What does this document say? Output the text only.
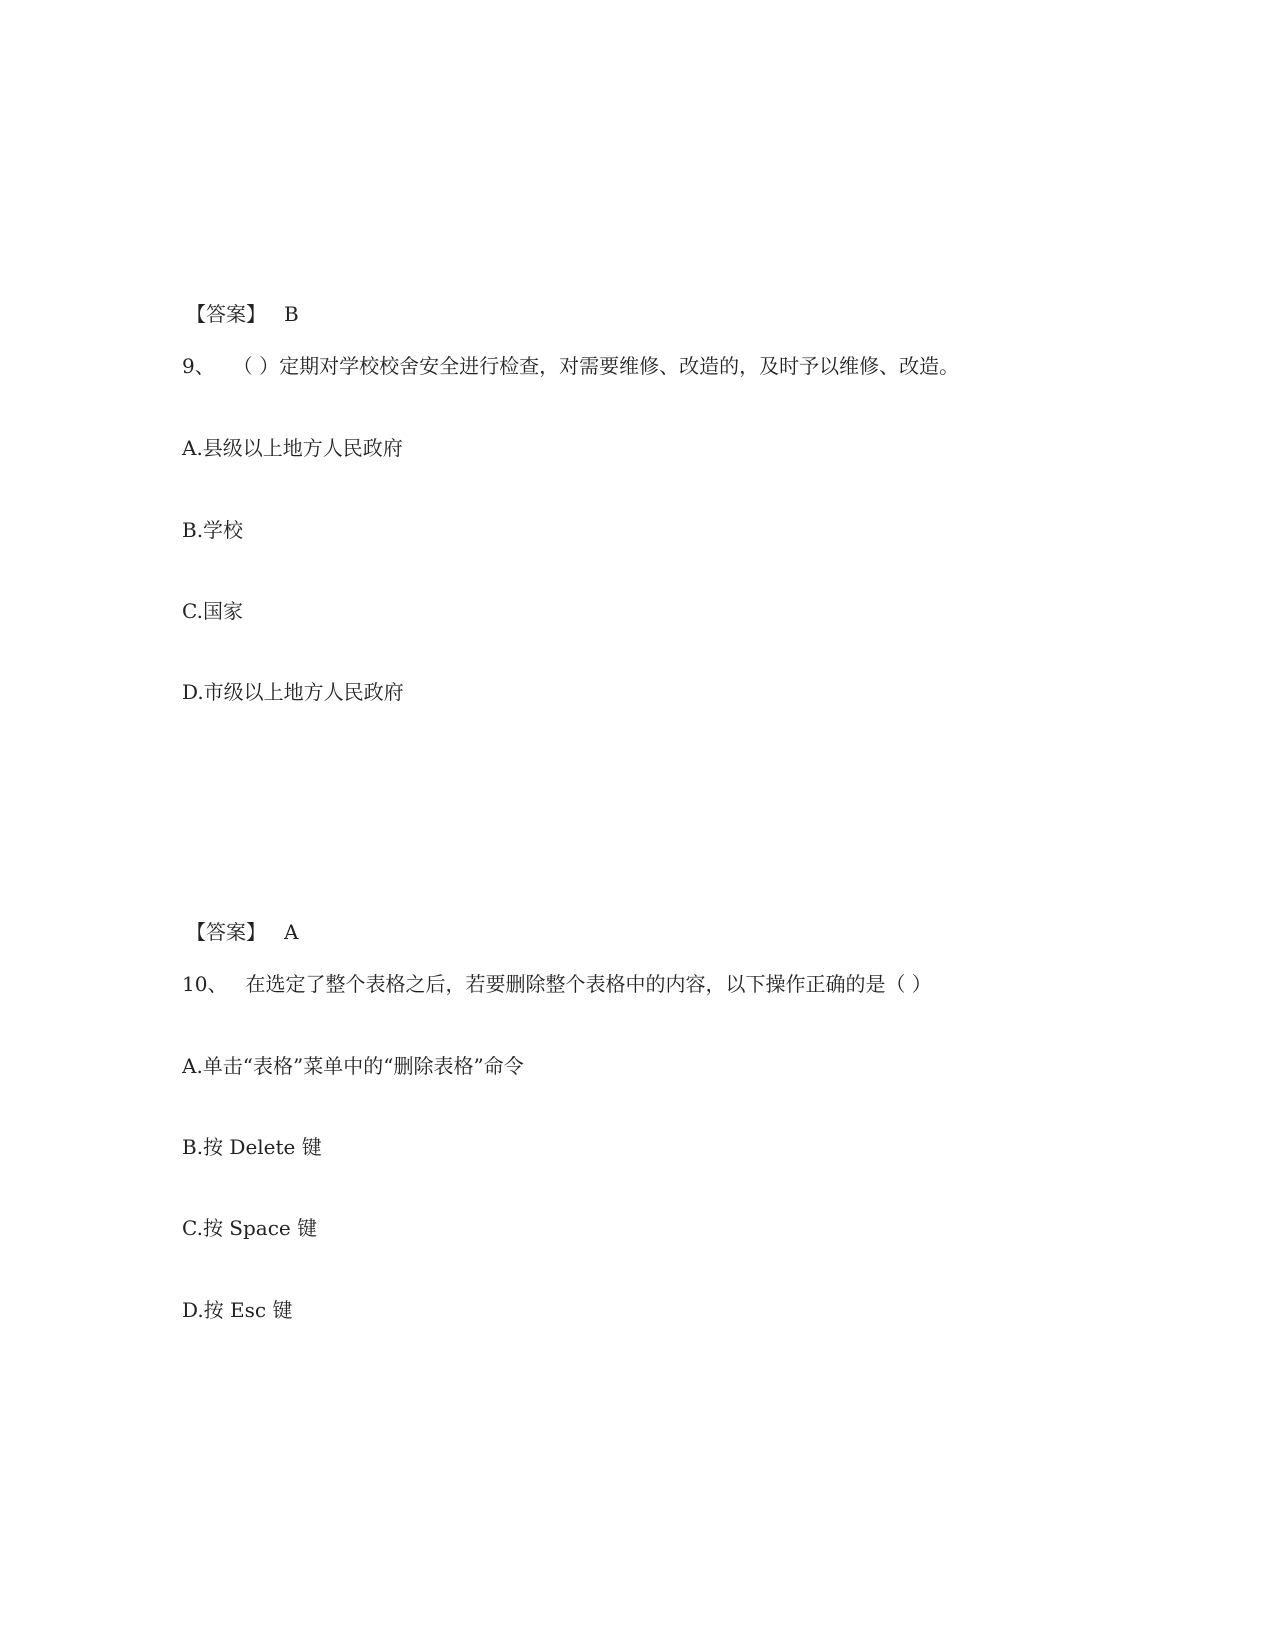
【答案】 B
9、 （ ）定期对学校校舍安全进行检查，对需要维修、改造的，及时予以维修、改造。
A.县级以上地方人民政府
B.学校
C.国家
D.市级以上地方人民政府
【答案】 A
10、 在选定了整个表格之后，若要删除整个表格中的内容，以下操作正确的是（ ）
A.单击“表格”菜单中的“删除表格”命令
B.按 Delete 键
C.按 Space 键
D.按 Esc 键
